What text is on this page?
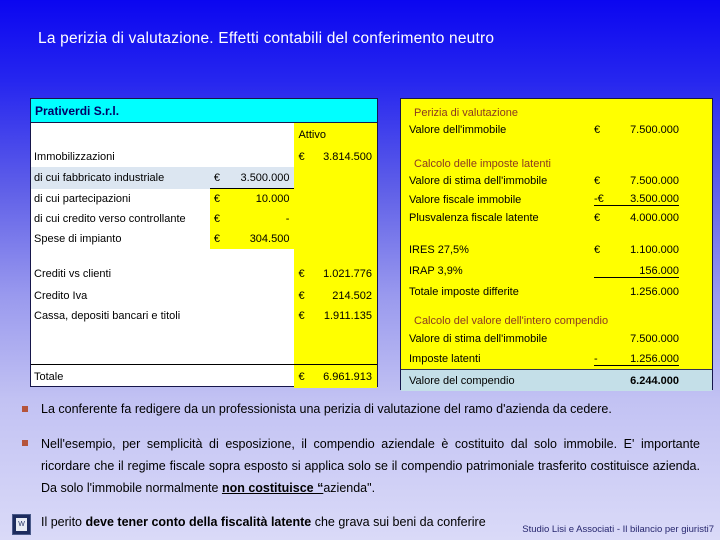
La perizia di valutazione. Effetti contabili del conferimento neutro
Prativerdi S.r.l.
Attivo
Immobilizzazioni	€ 3.814.500
di cui fabbricato industriale	€ 3.500.000
di cui partecipazioni	€	10.000
di cui credito verso controllante	€	-
Spese di impianto	€	304.500
Crediti vs clienti	€ 1.021.776
Credito Iva	€	214.502
Cassa, depositi bancari e titoli	€ 1.911.135
Totale	€ 6.961.913
Perizia di valutazione
Valore dell'immobile	€	7.500.000
Calcolo delle imposte latenti
Valore di stima dell'immobile	€	7.500.000
Valore fiscale immobile	-€	3.500.000
Plusvalenza fiscale latente	€	4.000.000
IRES 27,5%	€	1.100.000
IRAP 3,9%	156.000
Totale imposte differite	1.256.000
Calcolo del valore dell'intero compendio
Valore di stima dell'immobile	7.500.000
Imposte latenti	-	1.256.000
Valore del compendio	6.244.000
La conferente fa redigere da un professionista una perizia di valutazione del ramo d'azienda da cedere.
Nell'esempio, per semplicità di esposizione, il compendio aziendale è costituito dal solo immobile. E' importante ricordare che il regime fiscale sopra esposto si applica solo se il compendio patrimoniale trasferito costituisce azienda. Da solo l'immobile normalmente non costituisce “azienda".
Il perito deve tener conto della fiscalità latente che grava sui beni da conferire
W	Studio Lisi e Associati - Il bilancio per giuristi7
